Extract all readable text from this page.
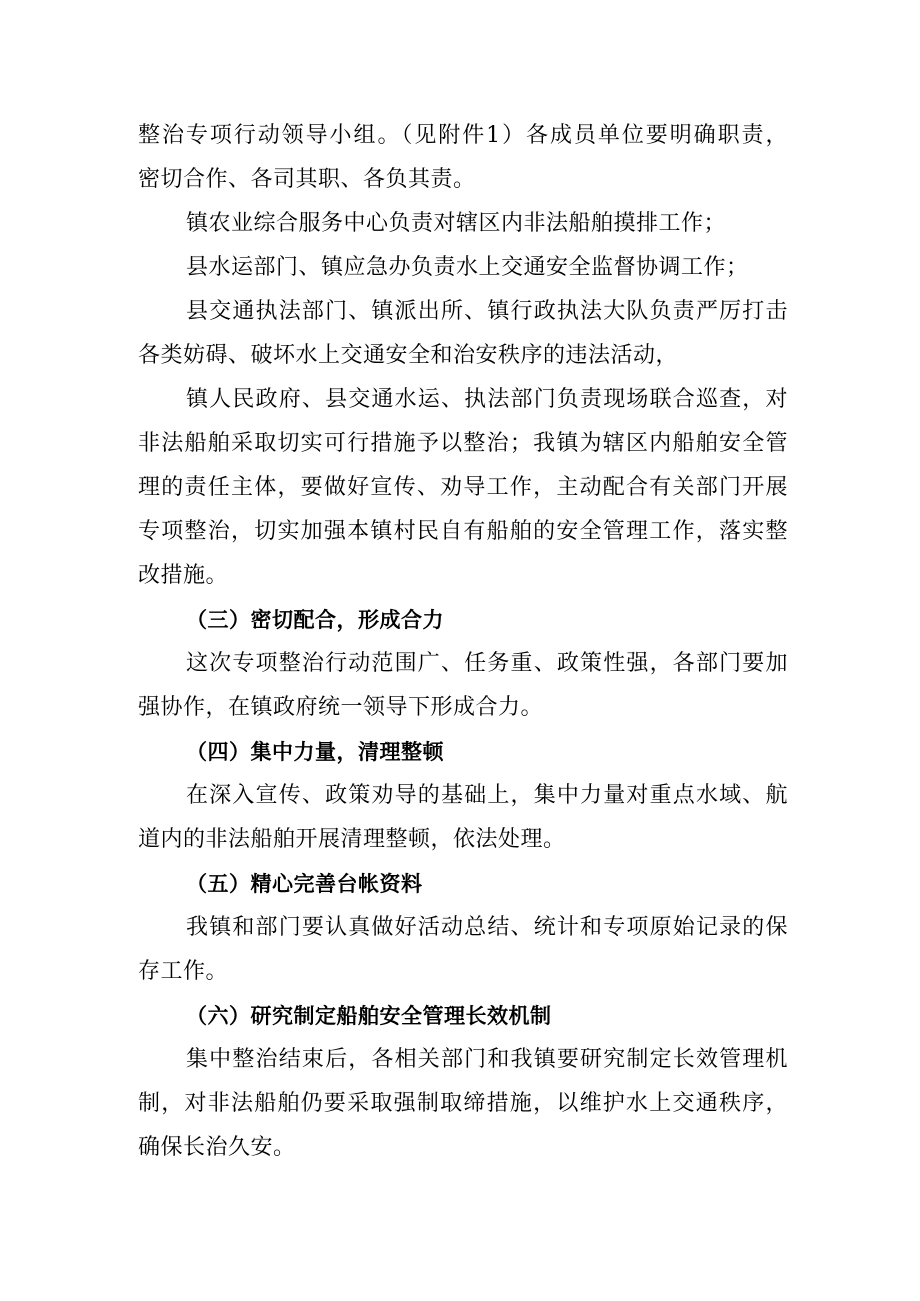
整治专项行动领导小组。（见附件1）各成员单位要明确职责，
密切合作、各司其职、各负其责。
镇农业综合服务中心负责对辖区内非法船舶摸排工作；
县水运部门、镇应急办负责水上交通安全监督协调工作；
县交通执法部门、镇派出所、镇行政执法大队负责严厉打击
各类妨碍、破坏水上交通安全和治安秩序的违法活动，
镇人民政府、县交通水运、执法部门负责现场联合巡查，对
非法船舶采取切实可行措施予以整治；我镇为辖区内船舶安全管
理的责任主体，要做好宣传、劝导工作，主动配合有关部门开展
专项整治，切实加强本镇村民自有船舶的安全管理工作，落实整
改措施。
（三）密切配合，形成合力
这次专项整治行动范围广、任务重、政策性强，各部门要加
强协作，在镇政府统一领导下形成合力。
（四）集中力量，清理整顿
在深入宣传、政策劝导的基础上，集中力量对重点水域、航
道内的非法船舶开展清理整顿，依法处理。
（五）精心完善台帐资料
我镇和部门要认真做好活动总结、统计和专项原始记录的保
存工作。
（六）研究制定船舶安全管理长效机制
集中整治结束后，各相关部门和我镇要研究制定长效管理机
制，对非法船舶仍要采取强制取缔措施，以维护水上交通秩序，
确保长治久安。
